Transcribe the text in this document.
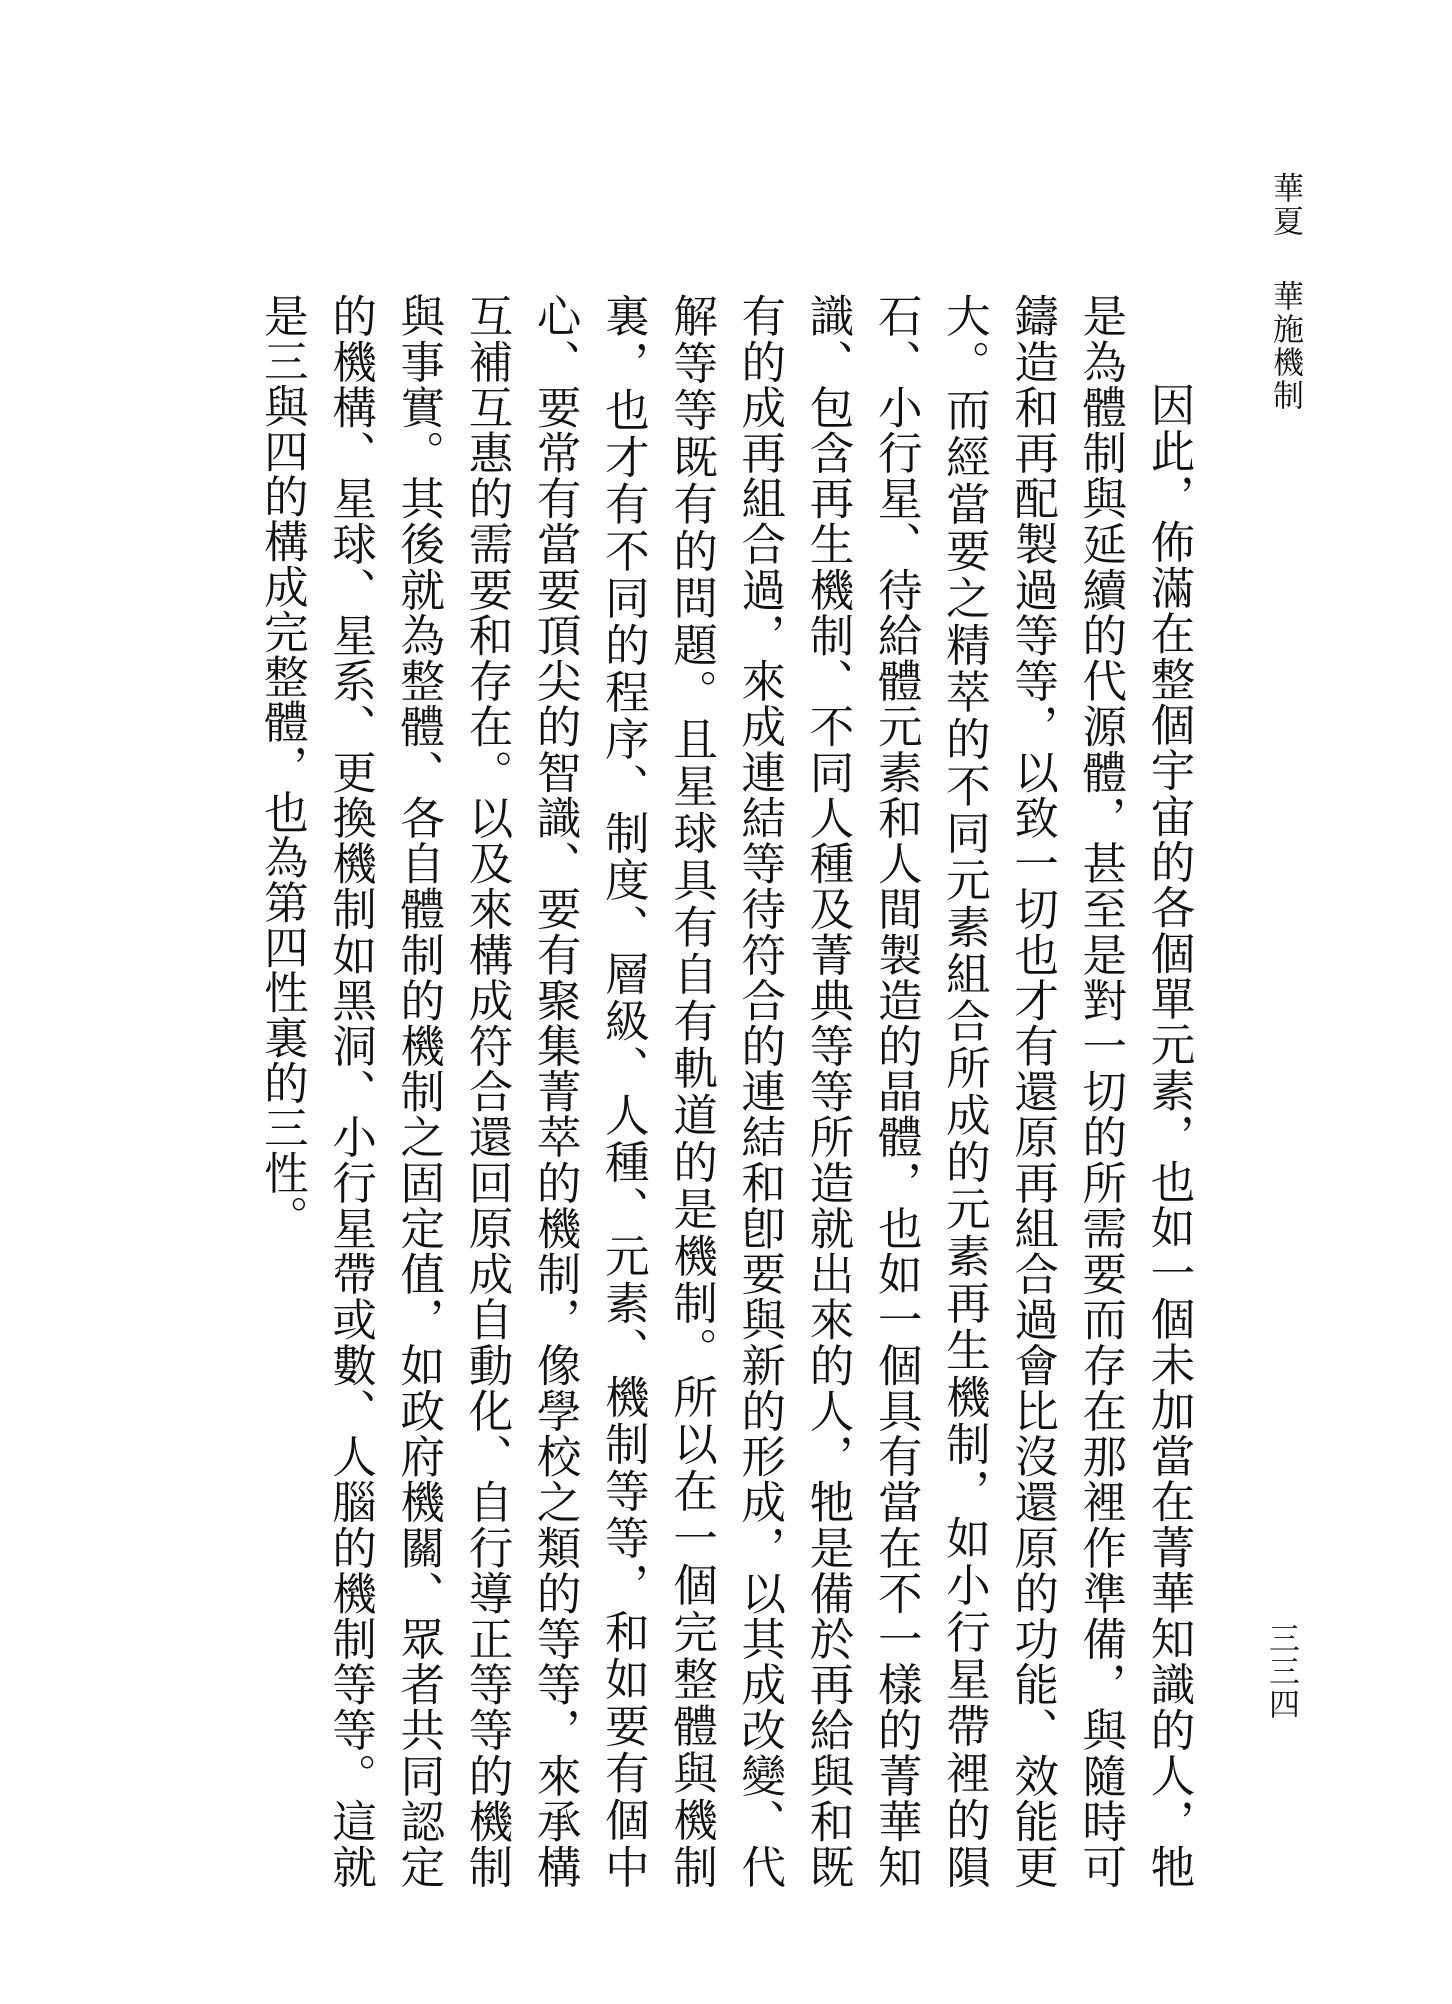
華夏華施機制
三三四

因此，佈滿在整個宇宙的各個單元素，也如一個未加當在菁華知識的人，牠是為體制與延續的代源體，甚至是對一切的所需要而存在那裡作準備，與隨時可鑄造和再配製過等等，以致一切也才有還原再組合過會比沒還原的功能、效能更大。而經當要之精萃的不同元素組合所成的元素再生機制，如小行星帶裡的隕石、小行星、待給體元素和人間製造的晶體，也如一個具有當在不一樣的菁華知識、包含再生機制、不同人種及菁典等等所造就出來的人，牠是備於再給與和既有的成再組合過，來成連結等待符合的連結和卽要與新的形成，以其成改變、代解等等既有的問題。且星球具有自有軌道的是機制。所以在一個完整體與機制裏，也才有不同的程序、制度、層級、人種、元素、機制等等，和如要有個中心、要常有當要頂尖的智識、要有聚集菁萃的機制，像學校之類的等等，來承構互補互惠的需要和存在。以及來構成符合還回原成自動化、自行導正等等的機制與事實。其後就為整體、各自體制的機制之固定值，如政府機關、眾者共同認定的機構、星球、星系、更換機制如黑洞、小行星帶或數、人腦的機制等等。這就是三與四的構成完整體，也為第四性裏的三性。
